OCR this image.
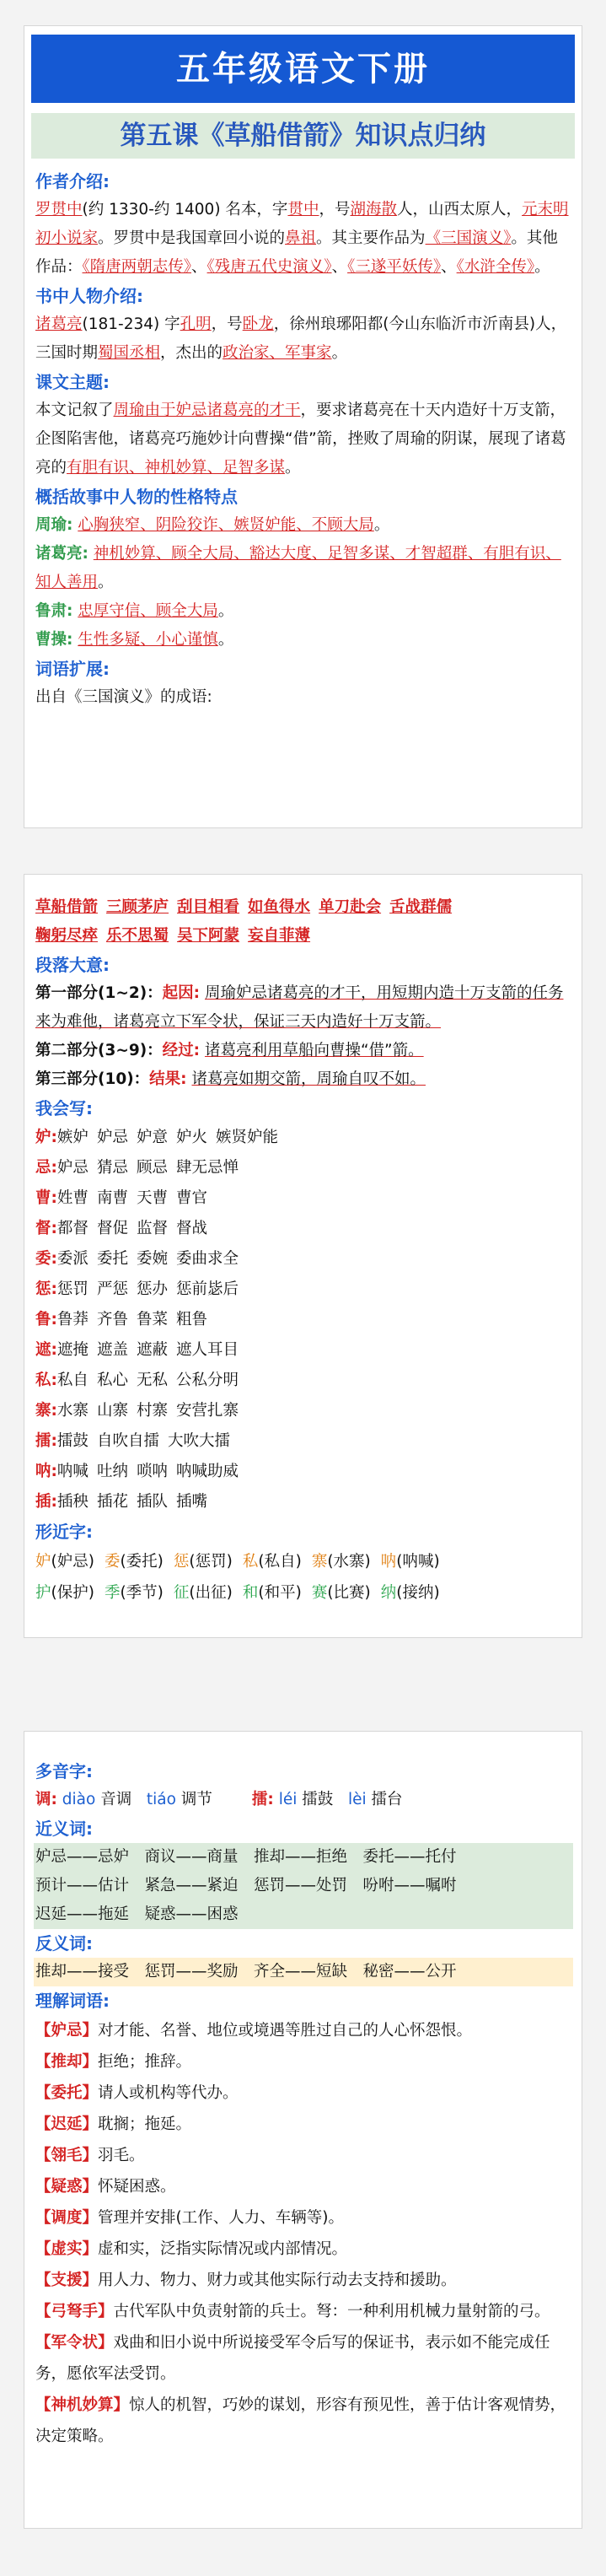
五年级语文下册
第五课《草船借箭》知识点归纳
作者介绍:
罗贯中(约 1330-约 1400) 名本，字贯中，号湖海散人，山西太原人，元末明初小说家。罗贯中是我国章回小说的鼻祖。其主要作品为《三国演义》。其他作品：《隋唐两朝志传》、《残唐五代史演义》、《三遂平妖传》、《水浒全传》。
书中人物介绍:
诸葛亮(181-234) 字孔明，号卧龙，徐州琅琊阳都(今山东临沂市沂南县)人，三国时期蜀国丞相，杰出的政治家、军事家。
课文主题:
本文记叙了周瑜由于妒忌诸葛亮的才干，要求诸葛亮在十天内造好十万支箭，企图陷害他，诸葛亮巧施妙计向曹操“借”箭，挫败了周瑜的阴谋，展现了诸葛亮的有胆有识、神机妙算、足智多谋。
概括故事中人物的性格特点
周瑜: 心胸狭窄、阴险狡诈、嫉贤妒能、不顾大局。
诸葛亮: 神机妙算、顾全大局、豁达大度、足智多谋、才智超群、有胆有识、知人善用。
鲁肃: 忠厚守信、顾全大局。
曹操: 生性多疑、小心谨慎。
词语扩展:
出自《三国演义》的成语:
草船借箭 三顾茅庐 刮目相看 如鱼得水 单刀赴会 舌战群儒
鞠躬尽瘁 乐不思蜀 吴下阿蒙 妄自菲薄
段落大意:
第一部分(1~2)：起因: 周瑜妒忌诸葛亮的才干，用短期内造十万支箭的任务来为难他，诸葛亮立下军令状，保证三天内造好十万支箭。
第二部分(3~9)：经过: 诸葛亮利用草船向曹操“借”箭。
第三部分(10)：结果: 诸葛亮如期交箭，周瑜自叹不如。
我会写:
妒:嫉妒 妒忌 妒意 妒火 嫉贤妒能
忌:妒忌 猜忌 顾忌 肆无忌惮
曹:姓曹 南曹 天曹 曹官
督:都督 督促 监督 督战
委:委派 委托 委婉 委曲求全
惩:惩罚 严惩 惩办 惩前毖后
鲁:鲁莽 齐鲁 鲁菜 粗鲁
遮:遮掩 遮盖 遮蔽 遮人耳目
私:私自 私心 无私 公私分明
寨:水寨 山寨 村寨 安营扎寨
擂:擂鼓 自吹自擂 大吹大擂
呐:呐喊 吐纳 唢呐 呐喊助威
插:插秧 插花 插队 插嘴
形近字:
妒(妒忌) 委(委托) 惩(惩罚) 私(私自) 寨(水寨) 呐(呐喊)
护(保护) 季(季节) 征(出征) 和(和平) 赛(比赛) 纳(接纳)
多音字:
调: diào 音调 tiáo 调节	擂: léi 擂鼓 lèi 擂台
近义词:
妒忌——忌妒　商议——商量　推却——拒绝　委托——托付
预计——估计　紧急——紧迫　惩罚——处罚　吩咐——嘱咐
迟延——拖延　疑惑——困惑
反义词:
推却——接受　惩罚——奖励　齐全——短缺　秘密——公开
理解词语:
【妒忌】对才能、名誉、地位或境遇等胜过自己的人心怀怨恨。
【推却】拒绝；推辞。
【委托】请人或机构等代办。
【迟延】耽搁；拖延。
【翎毛】羽毛。
【疑惑】怀疑困惑。
【调度】管理并安排(工作、人力、车辆等)。
【虚实】虚和实，泛指实际情况或内部情况。
【支援】用人力、物力、财力或其他实际行动去支持和援助。
【弓弩手】古代军队中负责射箭的兵士。弩：一种利用机械力量射箭的弓。
【军令状】戏曲和旧小说中所说接受军令后写的保证书，表示如不能完成任务，愿依军法受罚。
【神机妙算】惊人的机智，巧妙的谋划，形容有预见性，善于估计客观情势，决定策略。
